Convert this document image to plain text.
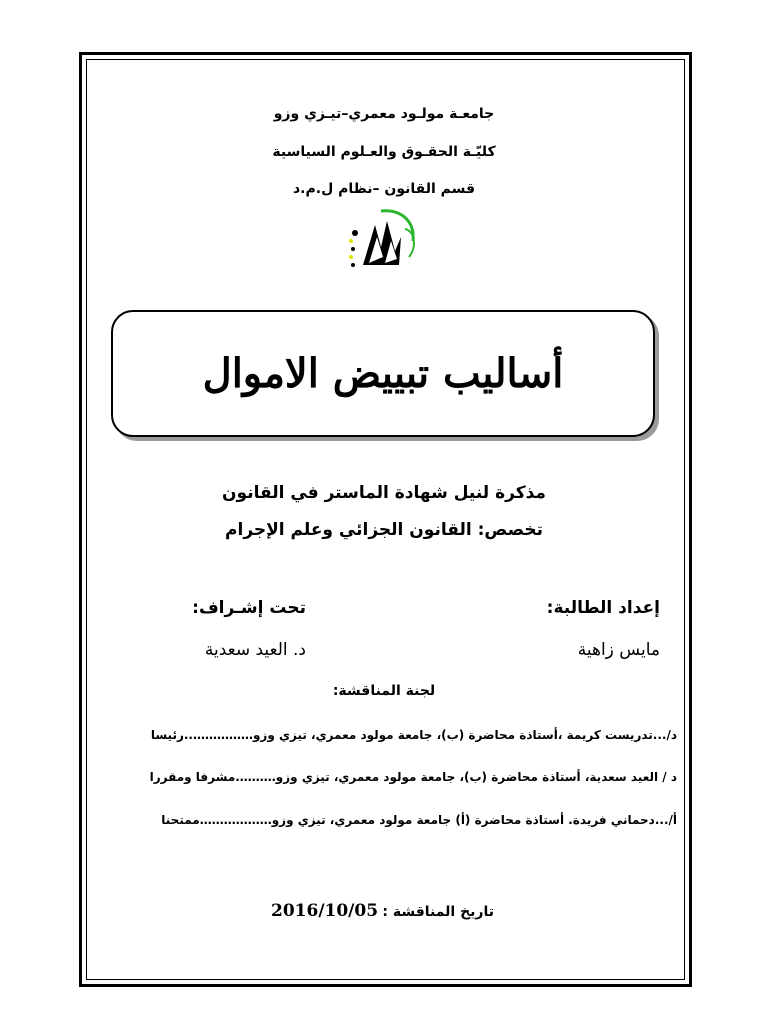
جامعـة مولـود معمري–تيـزي وزو
كليّـة الحقـوق والعـلوم السياسية
قسم القانون –نظام ل.م.د
أساليب تبييض الاموال
مذكرة لنيل شهادة الماستر في القانون
تخصص: القانون الجزائي وعلم الإجرام
إعداد الطالبة:
تحت إشـراف:
مايس زاهية
د. العيد سعدية
لجنة المناقشة:
د/...تدريست كريمة ،أستاذة محاضرة (ب)، جامعة مولود معمري، تيزي وزو……………..رئيسا
د / العيد سعدية، أستاذة محاضرة (ب)، جامعة مولود معمري، تيزي وزو……….مشرفا ومقررا
أ/...دحماني فريدة. أستاذة محاضرة (أ) جامعة مولود معمري، تيزي وزو………………ممتحنا
تاريخ المناقشة :
2016/10/05
